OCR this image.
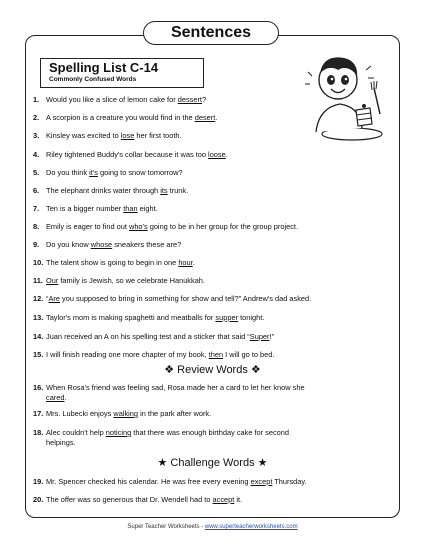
Sentences
Spelling List C-14
Commonly Confused Words
1. Would you like a slice of lemon cake for dessert?
2. A scorpion is a creature you would find in the desert.
3. Kinsley was excited to lose her first tooth.
4. Riley tightened Buddy's collar because it was too loose.
5. Do you think it's going to snow tomorrow?
6. The elephant drinks water through its trunk.
7. Ten is a bigger number than eight.
8. Emily is eager to find out who's going to be in her group for the group project.
9. Do you know whose sneakers these are?
10. The talent show is going to begin in one hour.
11. Our family is Jewish, so we celebrate Hanukkah.
12. “Are you supposed to bring in something for show and tell?” Andrew's dad asked.
13. Taylor's mom is making spaghetti and meatballs for supper tonight.
14. Juan received an A on his spelling test and a sticker that said “Super!”
15. I will finish reading one more chapter of my book, then I will go to bed.
❖ Review Words ❖
16. When Rosa's friend was feeling sad, Rosa made her a card to let her know she
cared.
17. Mrs. Lubecki enjoys walking in the park after work.
18. Alec couldn't help noticing that there was enough birthday cake for second
helpings.
★ Challenge Words ★
19. Mr. Spencer checked his calendar. He was free every evening except Thursday.
20. The offer was so generous that Dr. Wendell had to accept it.
Super Teacher Worksheets - www.superteacherworksheets.com
